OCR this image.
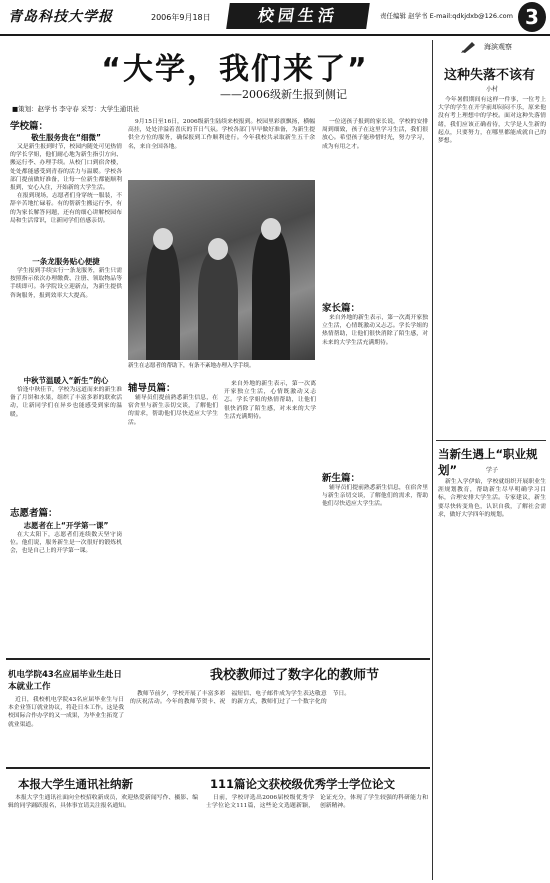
青岛科技大学报	2006年9月18日	校园生活	责任编辑 赵学书 E-mail:qdkjdxb@126.com 3
“大学，我们来了”
——2006级新生报到侧记
■策划：赵学书 李守春 采写：大学生通讯社
学校篇：
敬生服务贵在“细微”

又是新生报到时节，校园内随处可见热情的学长学姐，他们耐心地为新生指引方向、搬运行李、办理手续。从校门口到宿舍楼，处处都能感受到青春的活力与温暖。学校各部门提前做好准备，让每一位新生都能顺利报到，安心入住，开始新的大学生活。

在报到现场，志愿者们身穿统一服装，不辞辛苦地忙碌着。有的帮新生搬运行李，有的为家长解答问题，还有的细心讲解校园布局和生活常识，让新同学们倍感亲切。

一条龙服务贴心便捷

学生报到手续实行一条龙服务，新生只需按照指示依次办理缴费、注册、领取物品等手续即可。各学院设立迎新点，为新生提供咨询服务，报到效率大大提高。

中秋节温暖入“新生”的心

恰逢中秋佳节，学校为远道而来的新生准备了月饼和水果，组织了丰富多彩的联欢活动，让新同学们在异乡也能感受到家的温暖。

志愿者篇：
志愿者在上“开学第一课”

在大太阳下，志愿者们连续数天坚守岗位。他们说，服务新生是一次很好的锻炼机会，也是自己上的开学第一课。

9月15日至16日，2006级新生陆续来校报到。校园里彩旗飘扬，横幅高挂，处处洋溢着喜庆的节日气氛。学校各部门早早做好准备，为新生提供全方位的服务，确保报到工作顺利进行。今年我校共录取新生五千余名，来自全国各地。

新生在志愿者的帮助下，有条不紊地办理入学手续。
辅导员篇：

辅导员们提前熟悉新生信息，在宿舍里与新生亲切交谈，了解他们的需求，帮助他们尽快适应大学生活。

来自外地的新生表示，第一次离开家独立生活，心情既激动又忐忑。学长学姐的热情帮助，让他们很快消除了陌生感，对未来的大学生活充满期待。

家长篇：

一位送孩子报到的家长说，学校的安排周到细致，孩子在这里学习生活，我们很放心。希望孩子能珍惜时光，努力学习，成为有用之才。

新生篇：

来自外地的新生表示，第一次离开家独立生活，心情既激动又忐忑。学长学姐的热情帮助，让他们很快消除了陌生感，对未来的大学生活充满期待。

辅导员们提前熟悉新生信息，在宿舍里与新生亲切交谈，了解他们的需求，帮助他们尽快适应大学生活。

海滨观察
这种失落不该有
小村

今年暑假期间有这样一件事，一位考上大学的学生在开学前却闷闷不乐，原来他没有考上理想中的学校。面对这种失落情绪，我们应该正确看待，大学是人生新的起点，只要努力，在哪里都能成就自己的梦想。

当新生遇上“职业规划”	学子

新生入学伊始，学校就组织开展职业生涯规划教育，帮助新生尽早明确学习目标，合理安排大学生活。专家建议，新生要尽快转变角色，认识自我，了解社会需求，做好大学四年的规划。

机电学院43名应届毕业生赴日本就业工作

近日，我校机电学院43名应届毕业生与日本企业签订就业协议，将赴日本工作。这是我校国际合作办学的又一成果，为毕业生拓宽了就业渠道。

我校教师过了数字化的教师节

教师节前夕，学校开展了丰富多彩的庆祝活动。今年的教师节贺卡、祝福短信、电子邮件成为学生表达敬意的新方式，教师们过了一个数字化的节日。

本报大学生通讯社纳新

本报大学生通讯社面向全校招收新成员，欢迎热爱新闻写作、摄影、编辑的同学踊跃报名，具体事宜请关注报名通知。

111篇论文获校级优秀学士学位论文

日前，学校评选出2006届校级优秀学士学位论文111篇，这些论文选题新颖，论证充分，体现了学生较强的科研能力和创新精神。
